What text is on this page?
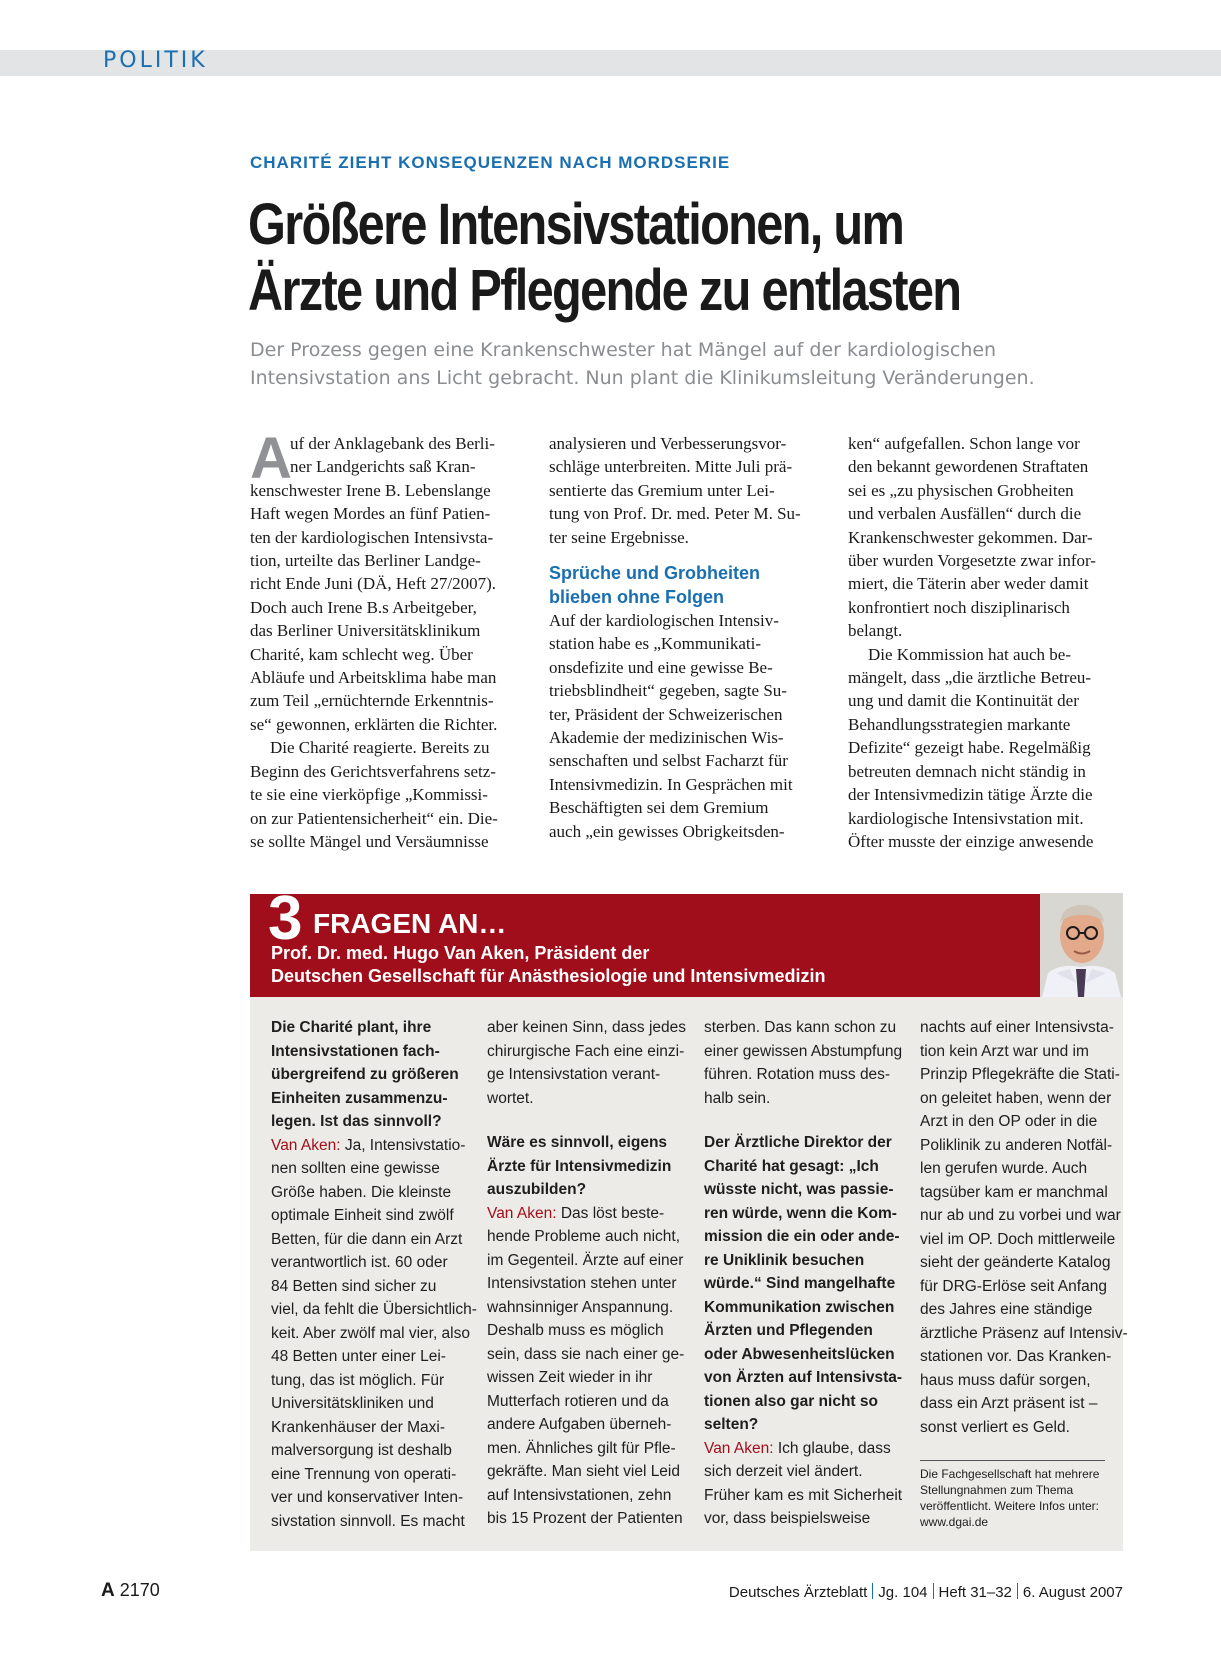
POLITIK
CHARITÉ ZIEHT KONSEQUENZEN NACH MORDSERIE
Größere Intensivstationen, um
Ärzte und Pflegende zu entlasten
Der Prozess gegen eine Krankenschwester hat Mängel auf der kardiologischen
Intensivstation ans Licht gebracht. Nun plant die Klinikumsleitung Veränderungen.
A
uf der Anklagebank des Berli-
ner Landgerichts saß Kran-
kenschwester Irene B. Lebenslange
Haft wegen Mordes an fünf Patien-
ten der kardiologischen Intensivsta-
tion, urteilte das Berliner Landge-
richt Ende Juni (DÄ, Heft 27/2007).
Doch auch Irene B.s Arbeitgeber,
das Berliner Universitätsklinikum
Charité, kam schlecht weg. Über
Abläufe und Arbeitsklima habe man
zum Teil „ernüchternde Erkenntnis-
se“ gewonnen, erklärten die Richter.
Die Charité reagierte. Bereits zu
Beginn des Gerichtsverfahrens setz-
te sie eine vierköpfige „Kommissi-
on zur Patientensicherheit“ ein. Die-
se sollte Mängel und Versäumnisse
analysieren und Verbesserungsvor-
schläge unterbreiten. Mitte Juli prä-
sentierte das Gremium unter Lei-
tung von Prof. Dr. med. Peter M. Su-
ter seine Ergebnisse.
Sprüche und Grobheiten
blieben ohne Folgen
Auf der kardiologischen Intensiv-
station habe es „Kommunikati-
onsdefizite und eine gewisse Be-
triebsblindheit“ gegeben, sagte Su-
ter, Präsident der Schweizerischen
Akademie der medizinischen Wis-
senschaften und selbst Facharzt für
Intensivmedizin. In Gesprächen mit
Beschäftigten sei dem Gremium
auch „ein gewisses Obrigkeitsden-
ken“ aufgefallen. Schon lange vor
den bekannt gewordenen Straftaten
sei es „zu physischen Grobheiten
und verbalen Ausfällen“ durch die
Krankenschwester gekommen. Dar-
über wurden Vorgesetzte zwar infor-
miert, die Täterin aber weder damit
konfrontiert noch disziplinarisch
belangt.
Die Kommission hat auch be-
mängelt, dass „die ärztliche Betreu-
ung und damit die Kontinuität der
Behandlungsstrategien markante
Defizite“ gezeigt habe. Regelmäßig
betreuten demnach nicht ständig in
der Intensivmedizin tätige Ärzte die
kardiologische Intensivstation mit.
Öfter musste der einzige anwesende
3 FRAGEN AN…
Prof. Dr. med. Hugo Van Aken, Präsident der
Deutschen Gesellschaft für Anästhesiologie und Intensivmedizin
Die Charité plant, ihre
Intensivstationen fach-
übergreifend zu größeren
Einheiten zusammenzu-
legen. Ist das sinnvoll?
Van Aken: Ja, Intensivstatio-
nen sollten eine gewisse
Größe haben. Die kleinste
optimale Einheit sind zwölf
Betten, für die dann ein Arzt
verantwortlich ist. 60 oder
84 Betten sind sicher zu
viel, da fehlt die Übersichtlich-
keit. Aber zwölf mal vier, also
48 Betten unter einer Lei-
tung, das ist möglich. Für
Universitätskliniken und
Krankenhäuser der Maxi-
malversorgung ist deshalb
eine Trennung von operati-
ver und konservativer Inten-
sivstation sinnvoll. Es macht
aber keinen Sinn, dass jedes
chirurgische Fach eine einzi-
ge Intensivstation verant-
wortet.
Wäre es sinnvoll, eigens
Ärzte für Intensivmedizin
auszubilden?
Van Aken: Das löst beste-
hende Probleme auch nicht,
im Gegenteil. Ärzte auf einer
Intensivstation stehen unter
wahnsinniger Anspannung.
Deshalb muss es möglich
sein, dass sie nach einer ge-
wissen Zeit wieder in ihr
Mutterfach rotieren und da
andere Aufgaben überneh-
men. Ähnliches gilt für Pfle-
gekräfte. Man sieht viel Leid
auf Intensivstationen, zehn
bis 15 Prozent der Patienten
sterben. Das kann schon zu
einer gewissen Abstumpfung
führen. Rotation muss des-
halb sein.
Der Ärztliche Direktor der
Charité hat gesagt: „Ich
wüsste nicht, was passie-
ren würde, wenn die Kom-
mission die ein oder ande-
re Uniklinik besuchen
würde.“ Sind mangelhafte
Kommunikation zwischen
Ärzten und Pflegenden
oder Abwesenheitslücken
von Ärzten auf Intensivsta-
tionen also gar nicht so
selten?
Van Aken: Ich glaube, dass
sich derzeit viel ändert.
Früher kam es mit Sicherheit
vor, dass beispielsweise
nachts auf einer Intensivsta-
tion kein Arzt war und im
Prinzip Pflegekräfte die Stati-
on geleitet haben, wenn der
Arzt in den OP oder in die
Poliklinik zu anderen Notfäl-
len gerufen wurde. Auch
tagsüber kam er manchmal
nur ab und zu vorbei und war
viel im OP. Doch mittlerweile
sieht der geänderte Katalog
für DRG-Erlöse seit Anfang
des Jahres eine ständige
ärztliche Präsenz auf Intensiv-
stationen vor. Das Kranken-
haus muss dafür sorgen,
dass ein Arzt präsent ist –
sonst verliert es Geld.
Die Fachgesellschaft hat mehrere
Stellungnahmen zum Thema
veröffentlicht. Weitere Infos unter:
www.dgai.de
A 2170	Deutsches Ärzteblatt Jg. 104 Heft 31–32 6. August 2007
